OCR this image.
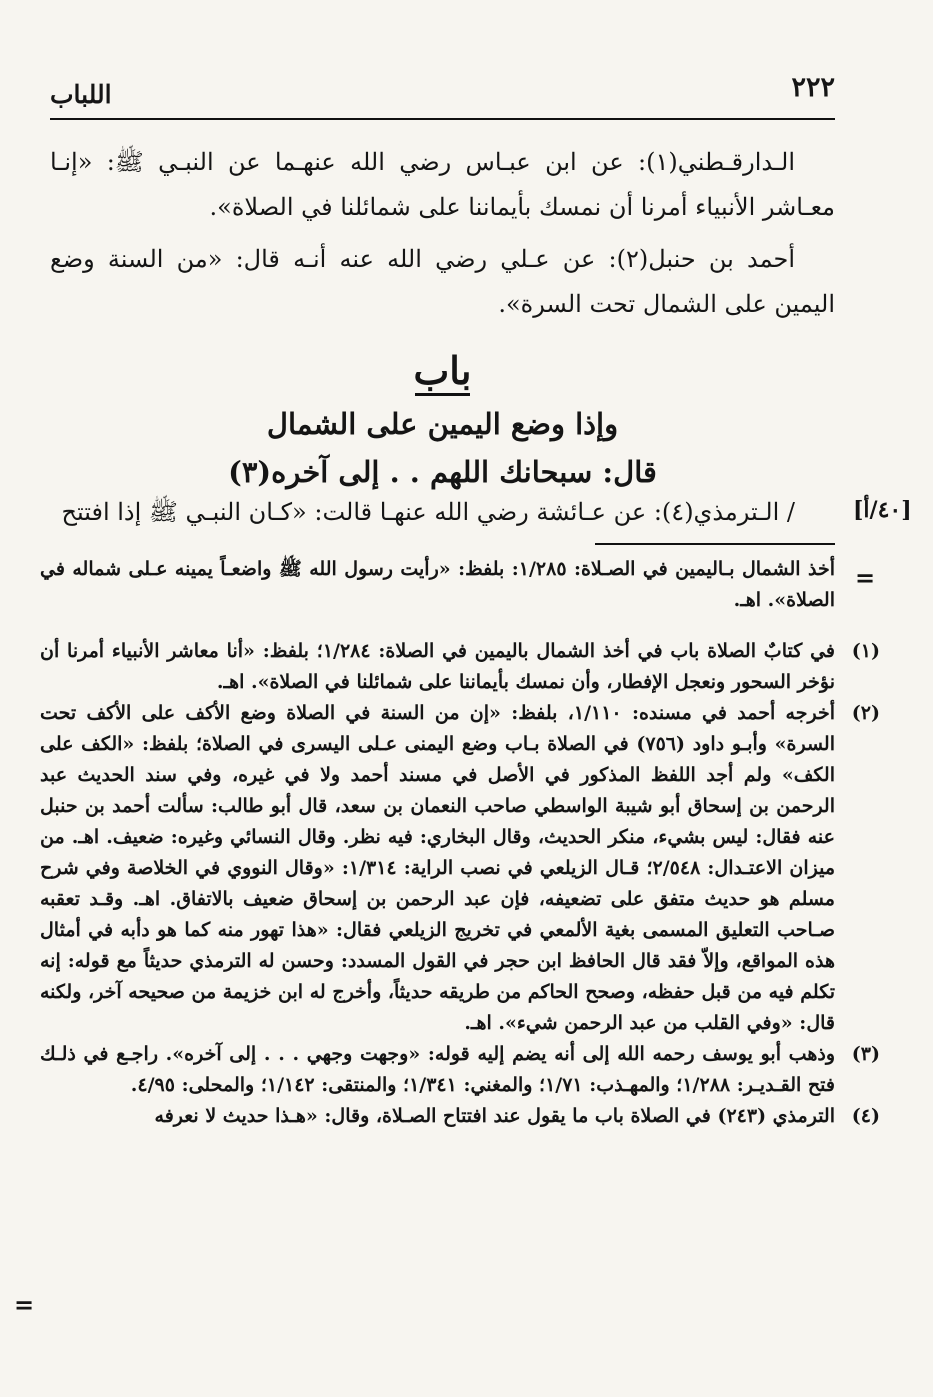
٢٢٢
اللباب

الـدارقـطني(١): عن ابن عبـاس رضي الله عنهـما عن النبـي ﷺ: «إنـا معـاشر الأنبياء أمرنا أن نمسك بأيماننا على شمائلنا في الصلاة».

أحمد بن حنبل(٢): عن عـلي رضي الله عنه أنـه قال: «من السنة وضع اليمين على الشمال تحت السرة».

باب
وإذا وضع اليمين على الشمال
قال: سبحانك اللهم . . إلى آخره(٣)
/ الـترمذي(٤): عن عـائشة رضي الله عنهـا قالت: «كـان النبـي ﷺ إذا افتتح	[٤٠/أ]
=
أخذ الشمال بـاليمين في الصـلاة: ١/٢٨٥: بلفظ: «رأيت رسول الله ﷺ واضعـاً يمينه عـلى شماله في الصلاة». اهـ.
(١)
في كتابٌ الصلاة باب في أخذ الشمال باليمين في الصلاة: ١/٢٨٤؛ بلفظ: «أنا معاشر الأنبياء أمرنا أن نؤخر السحور ونعجل الإفطار، وأن نمسك بأيماننا على شمائلنا في الصلاة». اهـ.
(٢)
أخرجه أحمد في مسنده: ١/١١٠، بلفظ: «إن من السنة في الصلاة وضع الأكف على الأكف تحت السرة» وأبـو داود (٧٥٦) في الصلاة بـاب وضع اليمنى عـلى اليسرى في الصلاة؛ بلفظ: «الكف على الكف» ولم أجد اللفظ المذكور في الأصل في مسند أحمد ولا في غيره، وفي سند الحديث عبد الرحمن بن إسحاق أبو شيبة الواسطي صاحب النعمان بن سعد، قال أبو طالب: سألت أحمد بن حنبل عنه فقال: ليس بشيء، منكر الحديث، وقال البخاري: فيه نظر. وقال النسائي وغيره: ضعيف. اهـ. من ميزان الاعتـدال: ٢/٥٤٨؛ قـال الزيلعي في نصب الراية: ١/٣١٤: «وقال النووي في الخلاصة وفي شرح مسلم هو حديث متفق على تضعيفه، فإن عبد الرحمن بن إسحاق ضعيف بالاتفاق. اهـ. وقـد تعقبه صـاحب التعليق المسمى بغية الألمعي في تخريج الزيلعي فقال: «هذا تهور منه كما هو دأبه في أمثال هذه المواقع، وإلاّ فقد قال الحافظ ابن حجر في القول المسدد: وحسن له الترمذي حديثاً مع قوله: إنه تكلم فيه من قبل حفظه، وصحح الحاكم من طريقه حديثاً، وأخرج له ابن خزيمة من صحيحه آخر، ولكنه قال: «وفي القلب من عبد الرحمن شيء». اهـ.
(٣)
وذهب أبو يوسف رحمه الله إلى أنه يضم إليه قوله: «وجهت وجهي . . . إلى آخره». راجـع في ذلـك فتح القـديـر: ١/٢٨٨؛ والمهـذب: ١/٧١؛ والمغني: ١/٣٤١؛ والمنتقى: ١/١٤٢؛ والمحلى: ٤/٩٥.
(٤)
الترمذي (٢٤٣) في الصلاة باب ما يقول عند افتتاح الصـلاة، وقال: «هـذا حديث لا نعرفه
=
